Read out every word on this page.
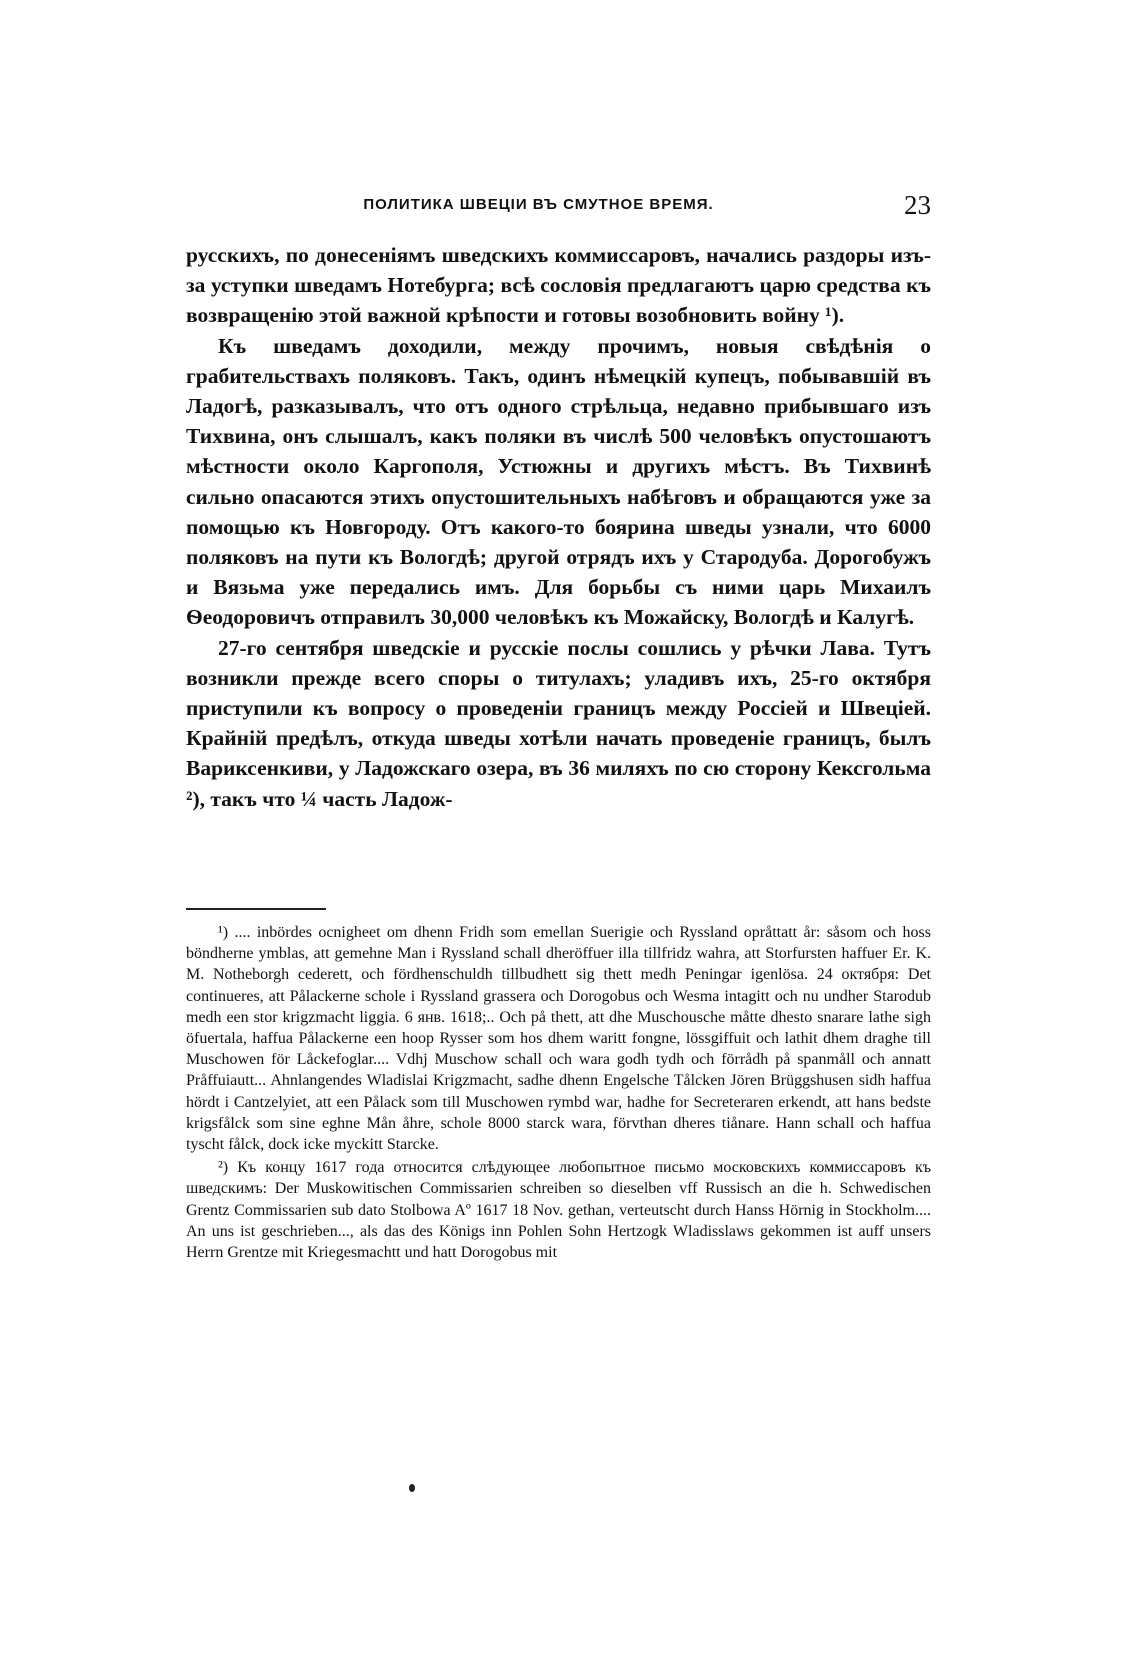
ПОЛИТИКА ШВЕЦІИ ВЪ СМУТНОЕ ВРЕМЯ.	23

русскихъ, по донесеніямъ шведскихъ коммиссаровъ, начались раздоры изъ-за уступки шведамъ Нотебурга; всѣ сословія предлагаютъ царю средства къ возвращенію этой важной крѣпости и готовы возобновить войну ¹).

Къ шведамъ доходили, между прочимъ, новыя свѣдѣнія о грабительствахъ поляковъ. Такъ, одинъ нѣмецкій купецъ, побывавшій въ Ладогѣ, разказывалъ, что отъ одного стрѣльца, недавно прибывшаго изъ Тихвина, онъ слышалъ, какъ поляки въ числѣ 500 человѣкъ опустошаютъ мѣстности около Каргополя, Устюжны и другихъ мѣстъ. Въ Тихвинѣ сильно опасаются этихъ опустошительныхъ набѣговъ и обращаются уже за помощью къ Новгороду. Отъ какого-то боярина шведы узнали, что 6000 поляковъ на пути къ Вологдѣ; другой отрядъ ихъ у Стародуба. Дорогобужъ и Вязьма уже передались имъ. Для борьбы съ ними царь Михаилъ Ѳеодоровичъ отправилъ 30,000 человѣкъ къ Можайску, Вологдѣ и Калугѣ.

27-го сентября шведскіе и русскіе послы сошлись у рѣчки Лава. Тутъ возникли прежде всего споры о титулахъ; уладивъ ихъ, 25-го октября приступили къ вопросу о проведеніи границъ между Россіей и Швеціей. Крайній предѣлъ, откуда шведы хотѣли начать проведеніе границъ, былъ Вариксенкиви, у Ладожскаго озера, въ 36 миляхъ по сю сторону Кексгольма ²), такъ что ¼ часть Ладож-

¹) .... inbördes ocnigheet om dhenn Fridh som emellan Suerigie och Ryssland opråttatt år: såsom och hoss böndherne ymblas, att gemehne Man i Ryssland schall dheröffuer illa tillfridz wahra, att Storfursten haffuer Er. K. M. Notheborgh cederett, och fördhenschuldh tillbudhett sig thett medh Peningar igenlösa. 24 октября: Det continueres, att Pålackerne schole i Ryssland grassera och Dorogobus och Wesma intagitt och nu undher Starodub medh een stor krigzmacht liggia. 6 янв. 1618;.. Och på thett, att dhe Muschousche måtte dhesto snarare lathe sigh öfuertala, haffua Pålackerne een hoop Rysser som hos dhem waritt fongne, lössgiffuit och lathit dhem draghe till Muschowen för Låckefoglar.... Vdhj Muschow schall och wara godh tydh och förrådh på spanmåll och annatt Pråffuiautt... Ahnlangendes Wladislai Krigzmacht, sadhe dhenn Engelsche Tålcken Jören Brüggshusen sidh haffua hördt i Cantzelyiet, att een Pålack som till Muschowen rymbd war, hadhe for Secreteraren erkendt, att hans bedste krigsfålck som sine eghne Mån åhre, schole 8000 starck wara, förvthan dheres tiånare. Hann schall och haffua tyscht fålck, dock icke myckitt Starcke.

²) Къ концу 1617 года относится слѣдующее любопытное письмо московскихъ коммиссаровъ къ шведскимъ: Der Muskowitischen Commissarien schreiben so dieselben vff Russisch an die h. Schwedischen Grentz Commissarien sub dato Stolbowa Aº 1617 18 Nov. gethan, verteutscht durch Hanss Hörnig in Stockholm.... An uns ist geschrieben..., als das des Königs inn Pohlen Sohn Hertzogk Wladisslaws gekommen ist auff unsers Herrn Grentze mit Kriegesmachtt und hatt Dorogobus mit
